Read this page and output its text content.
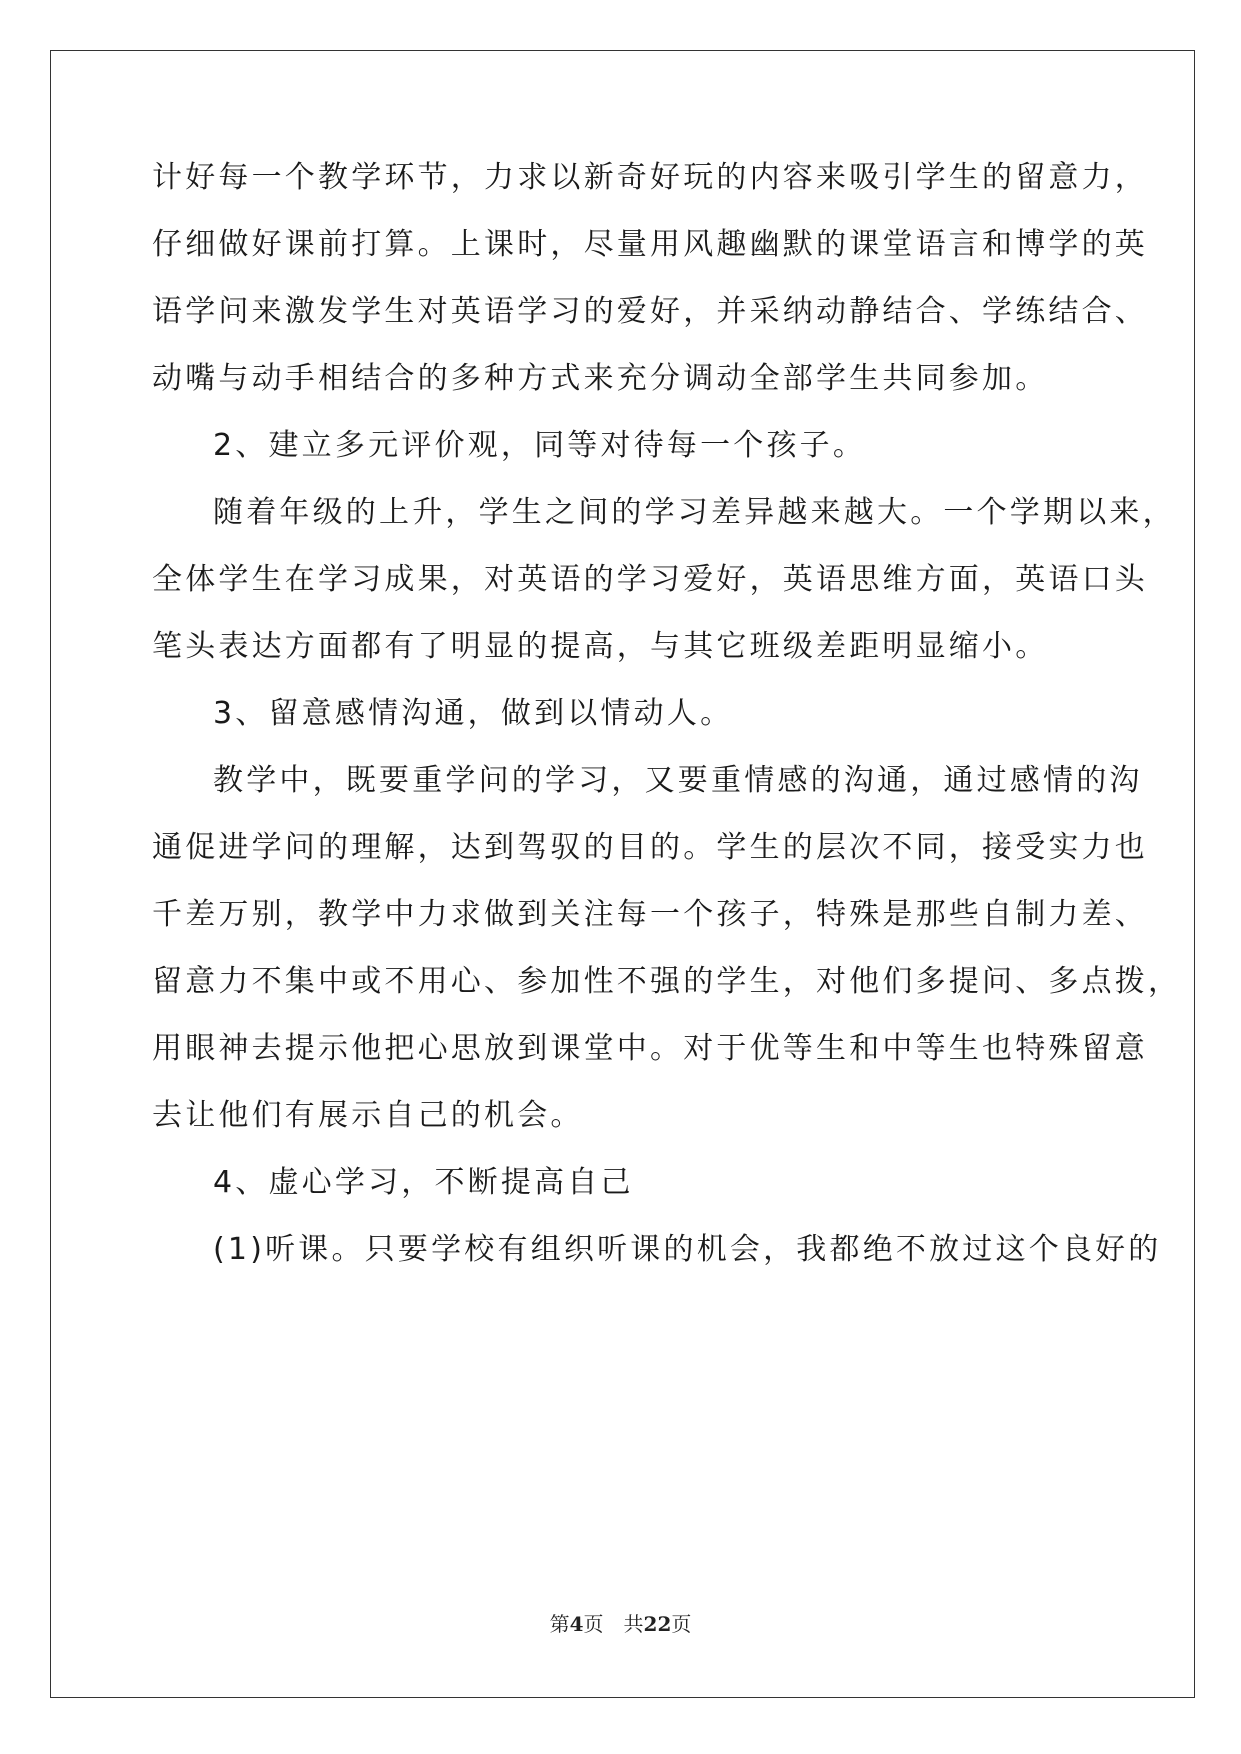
计好每一个教学环节，力求以新奇好玩的内容来吸引学生的留意力，
仔细做好课前打算。上课时，尽量用风趣幽默的课堂语言和博学的英
语学问来激发学生对英语学习的爱好，并采纳动静结合、学练结合、
动嘴与动手相结合的多种方式来充分调动全部学生共同参加。
2、建立多元评价观，同等对待每一个孩子。
随着年级的上升，学生之间的学习差异越来越大。一个学期以来，
全体学生在学习成果，对英语的学习爱好，英语思维方面，英语口头
笔头表达方面都有了明显的提高，与其它班级差距明显缩小。
3、留意感情沟通，做到以情动人。
教学中，既要重学问的学习，又要重情感的沟通，通过感情的沟
通促进学问的理解，达到驾驭的目的。学生的层次不同，接受实力也
千差万别，教学中力求做到关注每一个孩子，特殊是那些自制力差、
留意力不集中或不用心、参加性不强的学生，对他们多提问、多点拨，
用眼神去提示他把心思放到课堂中。对于优等生和中等生也特殊留意
去让他们有展示自己的机会。
4、虚心学习，不断提高自己
(1)听课。只要学校有组织听课的机会，我都绝不放过这个良好的
第4页 共22页
